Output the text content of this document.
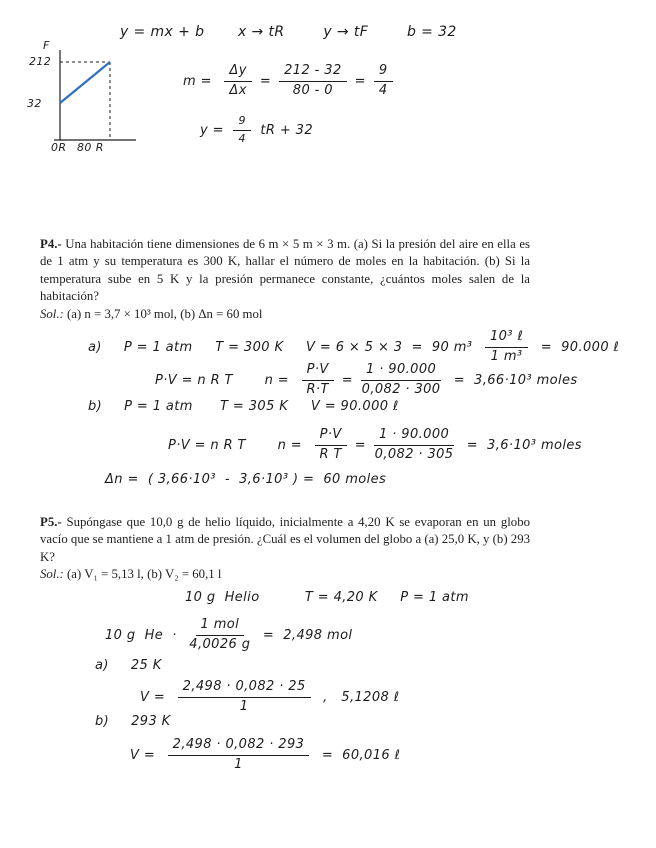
y = mx + b x → tR        y → tF        b = 32
F
212
32
0R 80 R
$m = \frac{\Delta y}{\Delta x} = \frac{212 - 32}{80 - 0} = \frac{9}{4}$
$y = \frac{9}{4}$ tR + 32

P4.- Una habitación tiene dimensiones de 6 m × 5 m × 3 m. (a) Si la presión del aire en ella es de 1 atm y su temperatura es 300 K, hallar el número de moles en la habitación. (b) Si la temperatura sube en 5 K y la presión permanece constante, ¿cuántos moles salen de la habitación?

Sol.: (a) n = 3,7 × 10³ mol, (b) Δn = 60 mol

a) P = 1 atm     T = 300 K     V = 6 × 5 × 3  =  90 $m^3 \frac{\text{10³ ℓ}}{\text{1 m³}} = 90.000$ ℓ
P·V = n R T       $n = \frac{P\cdot V}{R\cdot T} = \frac{1 \cdot 90.000}{0,082 \cdot 300} = 3,66\cdot 10^3$ moles
b) P = 1 atm      T = 305 K     V = 90.000 ℓ
P·V = n R T       $n = \frac{P\cdot V}{\text{R T}} = \frac{1 \cdot 90.000}{0,082 \cdot 305} = 3,6\cdot 10^3$ moles
Δn =  ( 3,66·10³  -  3,6·10³ ) =  60 moles

P5.- Supóngase que 10,0 g de helio líquido, inicialmente a 4,20 K se evaporan en un globo vacío que se mantiene a 1 atm de presión. ¿Cuál es el volumen del globo a (a) 25,0 K, y (b) 293 K?

Sol.: (a) V₁ = 5,13 l, (b) V₂ = 60,1 l

10 g  Helio          T = 4,20 K     P = 1 atm
10 g  $He \cdot \frac{\text{1 mol}}{4,0026 g} = 2,498$ mol
a) 25 K
$V = \frac{2,498 \cdot 0,082 \cdot 25}{1}$ ,   5,1208 ℓ
b) 293 K
$V = \frac{2,498 \cdot 0,082 \cdot 293}{1} = 60,016$ ℓ
